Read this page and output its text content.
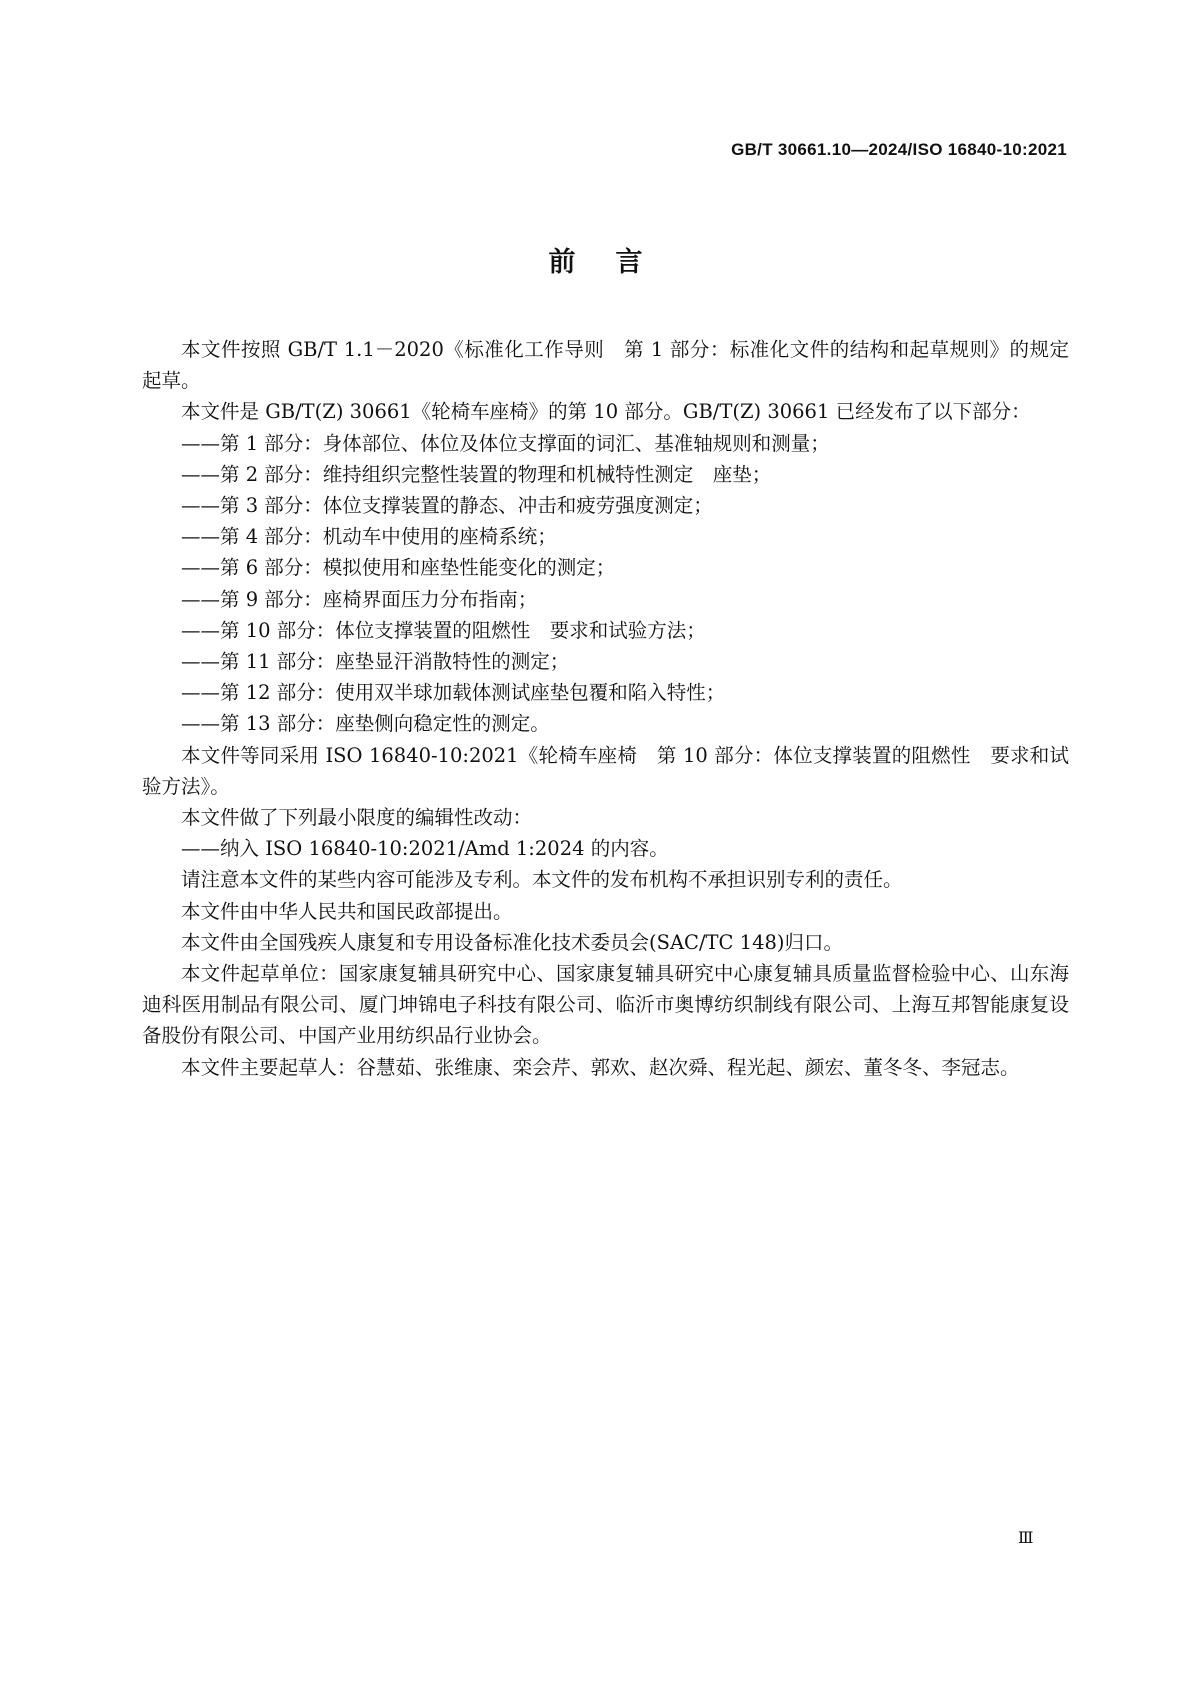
GB/T 30661.10—2024/ISO 16840-10:2021
前言

本文件按照 GB/T 1.1－2020《标准化工作导则　第 1 部分：标准化文件的结构和起草规则》的规定起草。

本文件是 GB/T(Z) 30661《轮椅车座椅》的第 10 部分。GB/T(Z) 30661 已经发布了以下部分：

——第 1 部分：身体部位、体位及体位支撑面的词汇、基准轴规则和测量；

——第 2 部分：维持组织完整性装置的物理和机械特性测定　座垫；

——第 3 部分：体位支撑装置的静态、冲击和疲劳强度测定；

——第 4 部分：机动车中使用的座椅系统；

——第 6 部分：模拟使用和座垫性能变化的测定；

——第 9 部分：座椅界面压力分布指南；

——第 10 部分：体位支撑装置的阻燃性　要求和试验方法；

——第 11 部分：座垫显汗消散特性的测定；

——第 12 部分：使用双半球加载体测试座垫包覆和陷入特性；

——第 13 部分：座垫侧向稳定性的测定。

本文件等同采用 ISO 16840-10:2021《轮椅车座椅　第 10 部分：体位支撑装置的阻燃性　要求和试验方法》。

本文件做了下列最小限度的编辑性改动：

——纳入 ISO 16840-10:2021/Amd 1:2024 的内容。

请注意本文件的某些内容可能涉及专利。本文件的发布机构不承担识别专利的责任。

本文件由中华人民共和国民政部提出。

本文件由全国残疾人康复和专用设备标准化技术委员会(SAC/TC 148)归口。

本文件起草单位：国家康复辅具研究中心、国家康复辅具研究中心康复辅具质量监督检验中心、山东海迪科医用制品有限公司、厦门坤锦电子科技有限公司、临沂市奥博纺织制线有限公司、上海互邦智能康复设备股份有限公司、中国产业用纺织品行业协会。

本文件主要起草人：谷慧茹、张维康、栾会芹、郭欢、赵次舜、程光起、颜宏、董冬冬、李冠志。

Ⅲ
